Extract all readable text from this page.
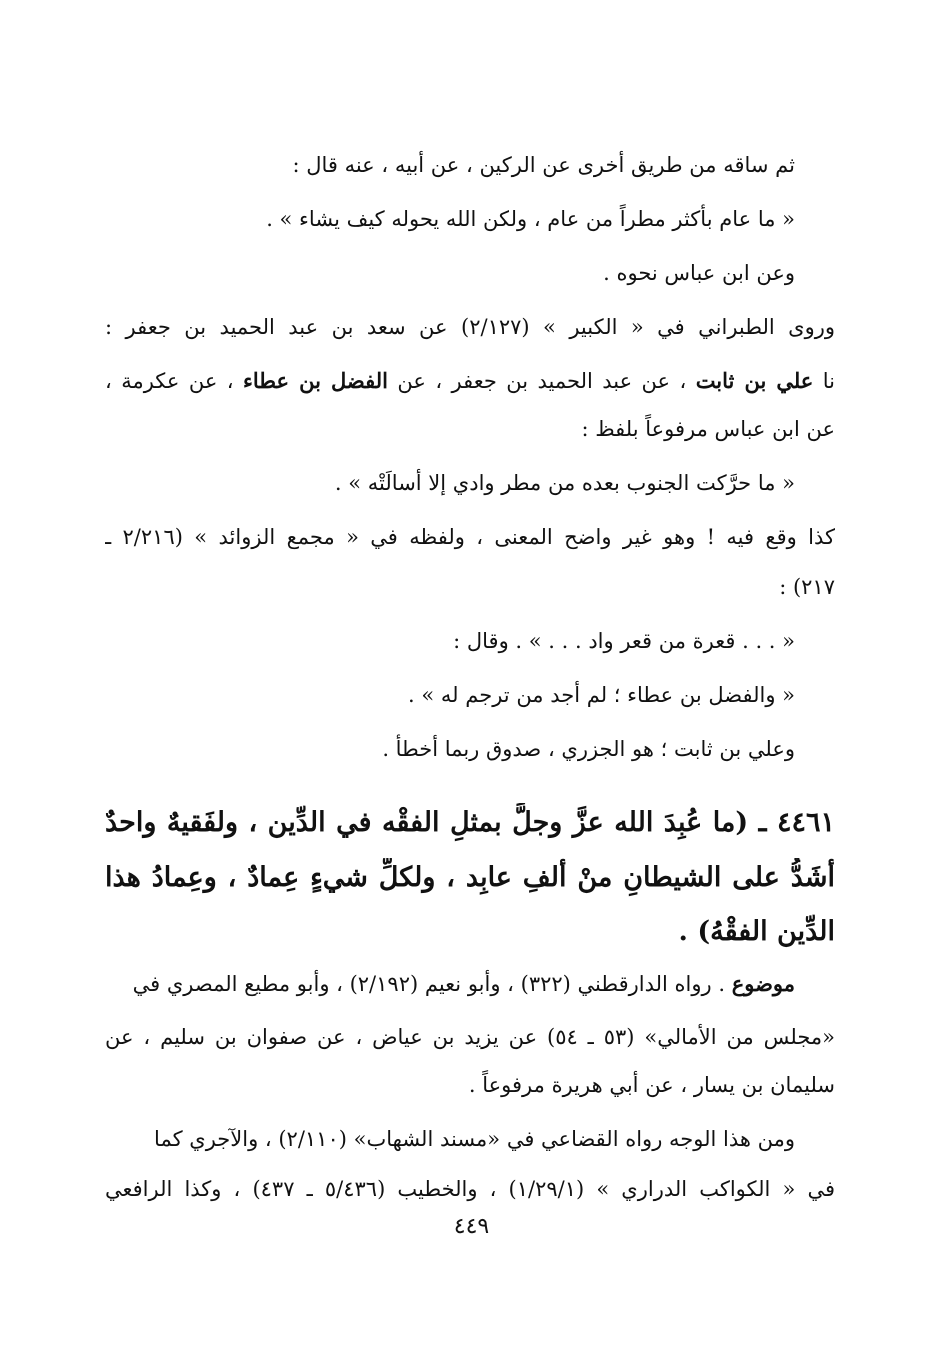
ثم ساقه من طريق أخرى عن الركين ، عن أبيه ، عنه قال :
« ما عام بأكثر مطراً من عام ، ولكن الله يحوله كيف يشاء » .
وعن ابن عباس نحوه .
وروى الطبراني في « الكبير » (٢/١٢٧) عن سعد بن عبد الحميد بن جعفر :
نا علي بن ثابت ، عن عبد الحميد بن جعفر ، عن الفضل بن عطاء ، عن عكرمة ،
عن ابن عباس مرفوعاً بلفظ :
« ما حرَّكت الجنوب بعده من مطر وادي إلا أسالَتْه » .
كذا وقع فيه ! وهو غير واضح المعنى ، ولفظه في « مجمع الزوائد » (٢/٢١٦ ـ
٢١٧) :
« . . . قعرة من قعر واد . . . » . وقال :
« والفضل بن عطاء ؛ لم أجد من ترجم له » .
وعلي بن ثابت ؛ هو الجزري ، صدوق ربما أخطأ .
٤٤٦١ ـ (ما عُبِدَ الله عزَّ وجلَّ بمثلِ الفقْه في الدِّين ، ولفَقيهٌ واحدٌ
أشَدُّ على الشيطانِ منْ ألفِ عابِد ، ولكلِّ شيءٍ عِمادٌ ، وعِمادُ هذا
الدِّين الفقْهُ) .
موضوع . رواه الدارقطني (٣٢٢) ، وأبو نعيم (٢/١٩٢) ، وأبو مطيع المصري في
«مجلس من الأمالي» (٥٣ ـ ٥٤) عن يزيد بن عياض ، عن صفوان بن سليم ، عن
سليمان بن يسار ، عن أبي هريرة مرفوعاً .
ومن هذا الوجه رواه القضاعي في «مسند الشهاب» (٢/١١٠) ، والآجري كما
في « الكواكب الدراري » (١/٢٩/١) ، والخطيب (٥/٤٣٦ ـ ٤٣٧) ، وكذا الرافعي
٤٤٩
